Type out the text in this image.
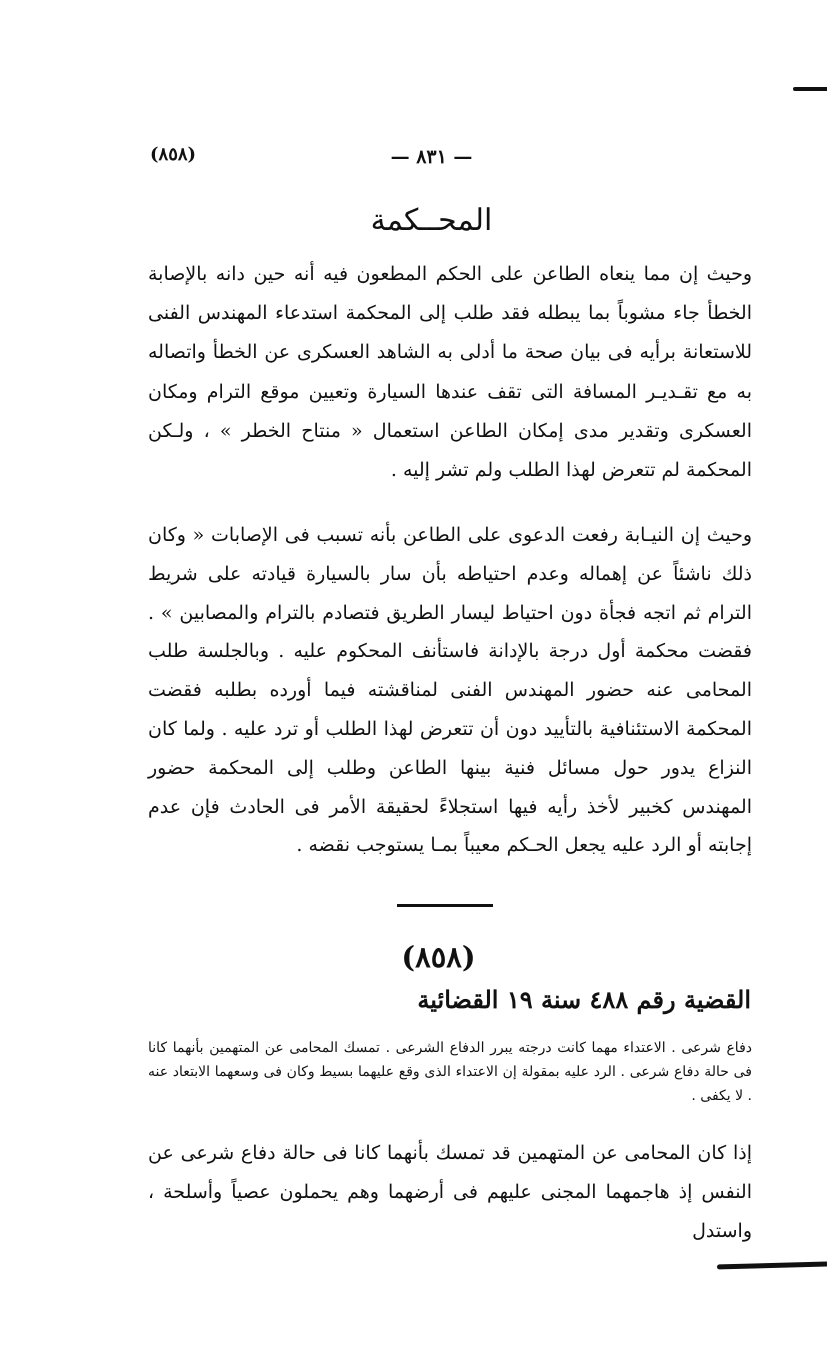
(٨٥٨)	— ٨٣١ —
المحــكمة

وحيث إن مما ينعاه الطاعن على الحكم المطعون فيه أنه حين دانه بالإصابة الخطأ جاء مشوباً بما يبطله فقد طلب إلى المحكمة استدعاء المهندس الفنى للاستعانة برأيه فى بيان صحة ما أدلى به الشاهد العسكرى عن الخطأ واتصاله به مع تقـديـر المسافة التى تقف عندها السيارة وتعيين موقع الترام ومكان العسكرى وتقدير مدى إمكان الطاعن استعمال « منتاح الخطر » ، ولـكن المحكمة لم تتعرض لهذا الطلب ولم تشر إليه .

وحيث إن النيـابة رفعت الدعوى على الطاعن بأنه تسبب فى الإصابات « وكان ذلك ناشئاً عن إهماله وعدم احتياطه بأن سار بالسيارة قيادته على شريط الترام ثم اتجه فجأة دون احتياط ليسار الطريق فتصادم بالترام والمصابين » . فقضت محكمة أول درجة بالإدانة فاستأنف المحكوم عليه . وبالجلسة طلب المحامى عنه حضور المهندس الفنى لمناقشته فيما أورده بطلبه فقضت المحكمة الاستئنافية بالتأييد دون أن تتعرض لهذا الطلب أو ترد عليه . ولما كان النزاع يدور حول مسائل فنية بينها الطاعن وطلب إلى المحكمة حضور المهندس كخبير لأخذ رأيه فيها استجلاءً لحقيقة الأمر فى الحادث فإن عدم إجابته أو الرد عليه يجعل الحـكم معيباً بمـا يستوجب نقضه .

(٨٥٨)
القضية رقم ٤٨٨ سنة ١٩ القضائية

دفاع شرعى . الاعتداء مهما كانت درجته يبرر الدفاع الشرعى . تمسك المحامى عن المتهمين بأنهما كانا فى حالة دفاع شرعى . الرد عليه بمقولة إن الاعتداء الذى وقع عليهما بسيط وكان فى وسعهما الابتعاد عنه . لا يكفى .

إذا كان المحامى عن المتهمين قد تمسك بأنهما كانا فى حالة دفاع شرعى عن النفس إذ هاجمهما المجنى عليهم فى أرضهما وهم يحملون عصياً وأسلحة ، واستدل
